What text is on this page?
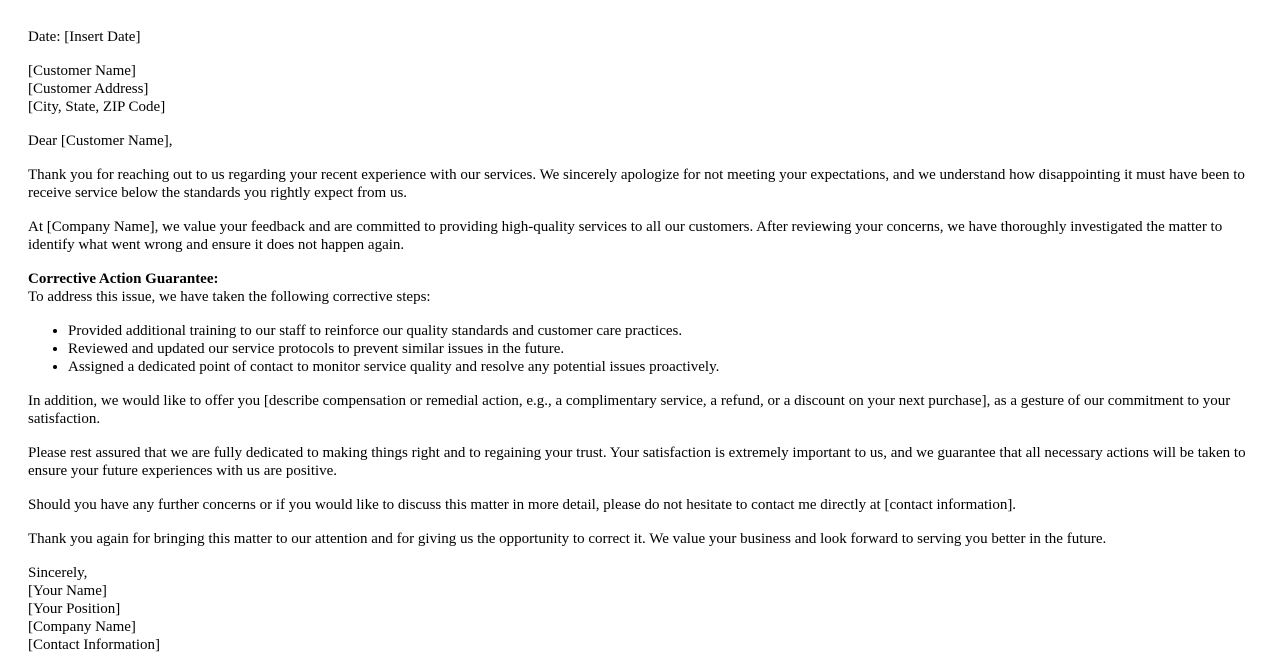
Date: [Insert Date]

[Customer Name]
[Customer Address]
[City, State, ZIP Code]

Dear [Customer Name],

Thank you for reaching out to us regarding your recent experience with our services. We sincerely apologize for not meeting your expectations, and we understand how disappointing it must have been to receive service below the standards you rightly expect from us.

At [Company Name], we value your feedback and are committed to providing high-quality services to all our customers. After reviewing your concerns, we have thoroughly investigated the matter to identify what went wrong and ensure it does not happen again.

Corrective Action Guarantee:
To address this issue, we have taken the following corrective steps:

• Provided additional training to our staff to reinforce our quality standards and customer care practices.
• Reviewed and updated our service protocols to prevent similar issues in the future.
• Assigned a dedicated point of contact to monitor service quality and resolve any potential issues proactively.

In addition, we would like to offer you [describe compensation or remedial action, e.g., a complimentary service, a refund, or a discount on your next purchase], as a gesture of our commitment to your satisfaction.

Please rest assured that we are fully dedicated to making things right and to regaining your trust. Your satisfaction is extremely important to us, and we guarantee that all necessary actions will be taken to ensure your future experiences with us are positive.

Should you have any further concerns or if you would like to discuss this matter in more detail, please do not hesitate to contact me directly at [contact information].

Thank you again for bringing this matter to our attention and for giving us the opportunity to correct it. We value your business and look forward to serving you better in the future.

Sincerely,
[Your Name]
[Your Position]
[Company Name]
[Contact Information]
